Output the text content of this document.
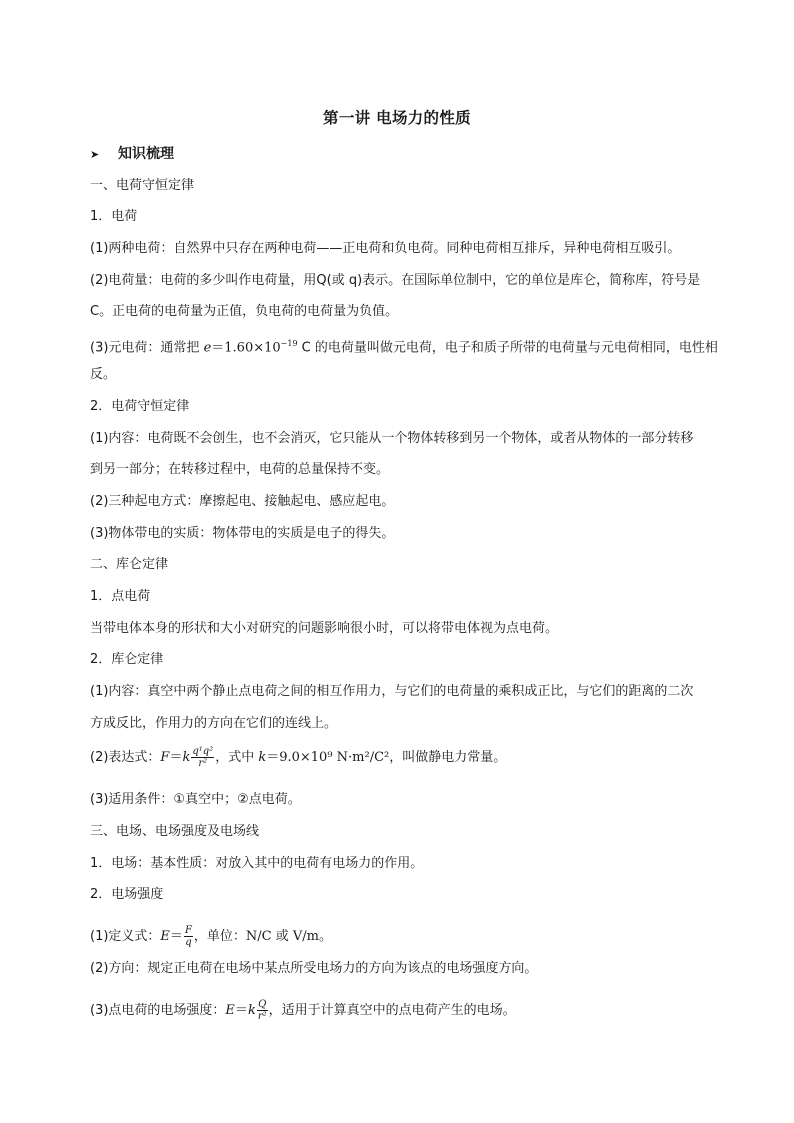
第一讲 电场力的性质
➤ 知识梳理
一、电荷守恒定律
1．电荷
(1)两种电荷：自然界中只存在两种电荷——正电荷和负电荷。同种电荷相互排斥，异种电荷相互吸引。
(2)电荷量：电荷的多少叫作电荷量，用Q(或 q)表示。在国际单位制中，它的单位是库仑，简称库，符号是
C。正电荷的电荷量为正值，负电荷的电荷量为负值。
(3)元电荷：通常把 $e=1.60\times 10^{-19}$ C 的电荷量叫做元电荷，电子和质子所带的电荷量与元电荷相同，电性相
反。
2．电荷守恒定律
(1)内容：电荷既不会创生，也不会消灭，它只能从一个物体转移到另一个物体，或者从物体的一部分转移
到另一部分；在转移过程中，电荷的总量保持不变。
(2)三种起电方式：摩擦起电、接触起电、感应起电。
(3)物体带电的实质：物体带电的实质是电子的得失。
二、库仑定律
1．点电荷
当带电体本身的形状和大小对研究的问题影响很小时，可以将带电体视为点电荷。
2．库仑定律
(1)内容：真空中两个静止点电荷之间的相互作用力，与它们的电荷量的乘积成正比，与它们的距离的二次
方成反比，作用力的方向在它们的连线上。
(2)表达式：$F=k \frac{\text{q¹q²}}{\text{r²}}$ ，式中 k＝9.0×10⁹ N·m²/C²，叫做静电力常量。
(3)适用条件：①真空中；②点电荷。
三、电场、电场强度及电场线
1．电场：基本性质：对放入其中的电荷有电场力的作用。
2．电场强度
(1)定义式：$E= \frac{F}{q}$ ，单位：N/C 或 V/m。
(2)方向：规定正电荷在电场中某点所受电场力的方向为该点的电场强度方向。
(3)点电荷的电场强度：$E=k \frac{Q}{\text{r²}}$ ，适用于计算真空中的点电荷产生的电场。
